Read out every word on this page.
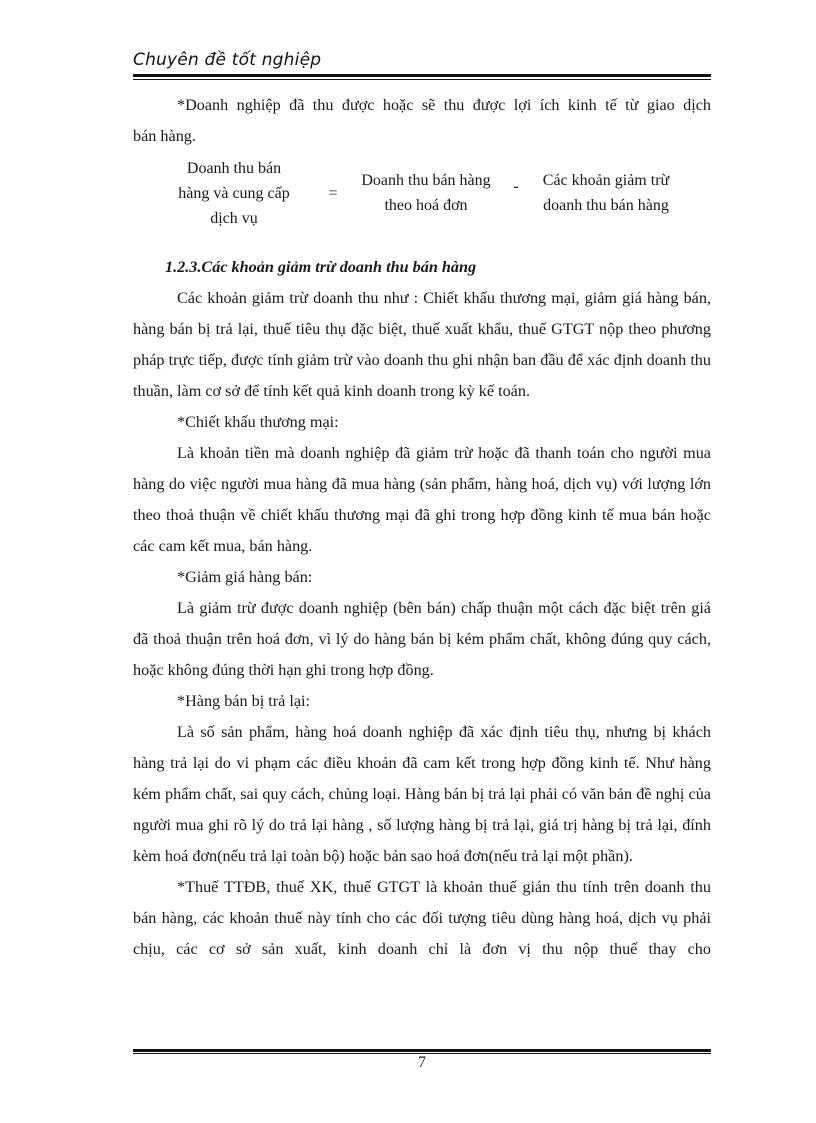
Chuyên đề tốt nghiệp

*Doanh nghiệp đã thu được hoặc sẽ thu được lợi ích kinh tế từ giao dịch

bán hàng.

Doanh thu bán
hàng và cung cấp
dịch vụ
=
Doanh thu bán hàng
theo hoá đơn
-	Các khoản giảm trừ
doanh thu bán hàng

1.2.3.Các khoản giảm trừ doanh thu bán hàng

Các khoản giảm trừ doanh thu như : Chiết khấu thương mại, giảm giá hàng bán, hàng bán bị trả lại, thuế tiêu thụ đặc biệt, thuế xuất khẩu, thuế GTGT nộp theo phương pháp trực tiếp, được tính giảm trừ vào doanh thu ghi nhận ban đầu để xác định doanh thu thuần, làm cơ sở để tính kết quả kinh doanh trong kỳ kế toán.

*Chiết khấu thương mại:

Là khoản tiền mà doanh nghiệp đã giảm trừ hoặc đã thanh toán cho người mua hàng do việc người mua hàng đã mua hàng (sản phẩm, hàng hoá, dịch vụ) với lượng lớn theo thoả thuận về chiết khấu thương mại đã ghi trong hợp đồng kinh tế mua bán hoặc các cam kết mua, bán hàng.

*Giảm giá hàng bán:

Là giảm trừ được doanh nghiệp (bên bán) chấp thuận một cách đặc biệt trên giá đã thoả thuận trên hoá đơn, vì lý do hàng bán bị kém phẩm chất, không đúng quy cách, hoặc không đúng thời hạn ghi trong hợp đồng.

*Hàng bán bị trả lại:

Là số sản phẩm, hàng hoá doanh nghiệp đã xác định tiêu thụ, nhưng bị khách hàng trả lại do vi phạm các điều khoản đã cam kết trong hợp đồng kinh tế. Như hàng kém phẩm chất, sai quy cách, chủng loại. Hàng bán bị trả lại phải có văn bản đề nghị của người mua ghi rõ lý do trả lại hàng , số lượng hàng bị trả lại, giá trị hàng bị trả lại, đính kèm hoá đơn(nếu trả lại toàn bộ) hoặc bản sao hoá đơn(nếu trả lại một phần).

*Thuế TTĐB, thuế XK, thuế GTGT là khoản thuế gián thu tính trên doanh thu bán hàng, các khoản thuế này tính cho các đối tượng tiêu dùng hàng hoá, dịch vụ phải chịu, các cơ sở sản xuất, kinh doanh chỉ là đơn vị thu nộp thuế thay cho

7
